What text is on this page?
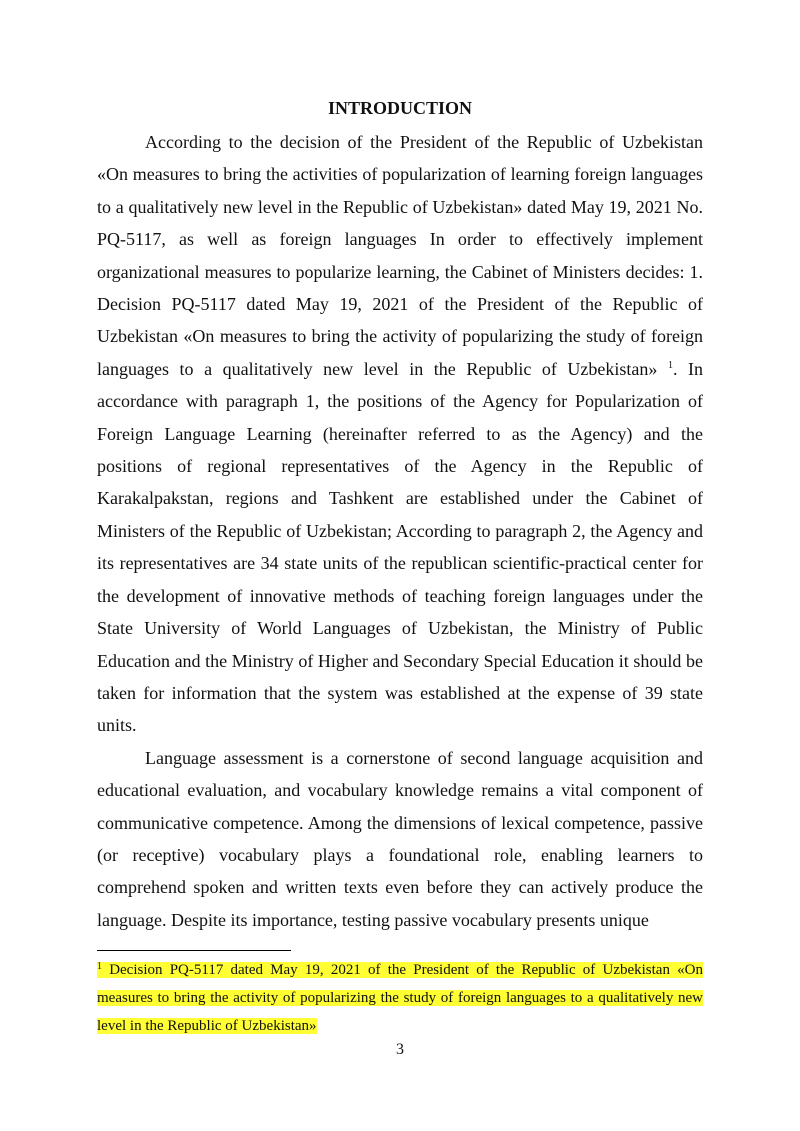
INTRODUCTION

According to the decision of the President of the Republic of Uzbekistan «On measures to bring the activities of popularization of learning foreign languages to a qualitatively new level in the Republic of Uzbekistan» dated May 19, 2021 No. PQ-5117, as well as foreign languages In order to effectively implement organizational measures to popularize learning, the Cabinet of Ministers decides: 1. Decision PQ-5117 dated May 19, 2021 of the President of the Republic of Uzbekistan «On measures to bring the activity of popularizing the study of foreign languages to a qualitatively new level in the Republic of Uzbekistan» $^1$. In accordance with paragraph 1, the positions of the Agency for Popularization of Foreign Language Learning (hereinafter referred to as the Agency) and the positions of regional representatives of the Agency in the Republic of Karakalpakstan, regions and Tashkent are established under the Cabinet of Ministers of the Republic of Uzbekistan; According to paragraph 2, the Agency and its representatives are 34 state units of the republican scientific-practical center for the development of innovative methods of teaching foreign languages under the State University of World Languages of Uzbekistan, the Ministry of Public Education and the Ministry of Higher and Secondary Special Education it should be taken for information that the system was established at the expense of 39 state units.

Language assessment is a cornerstone of second language acquisition and educational evaluation, and vocabulary knowledge remains a vital component of communicative competence. Among the dimensions of lexical competence, passive (or receptive) vocabulary plays a foundational role, enabling learners to comprehend spoken and written texts even before they can actively produce the language. Despite its importance, testing passive vocabulary presents unique

$^1$ Decision PQ-5117 dated May 19, 2021 of the President of the Republic of Uzbekistan «On measures to bring the activity of popularizing the study of foreign languages to a qualitatively new level in the Republic of Uzbekistan»

3
